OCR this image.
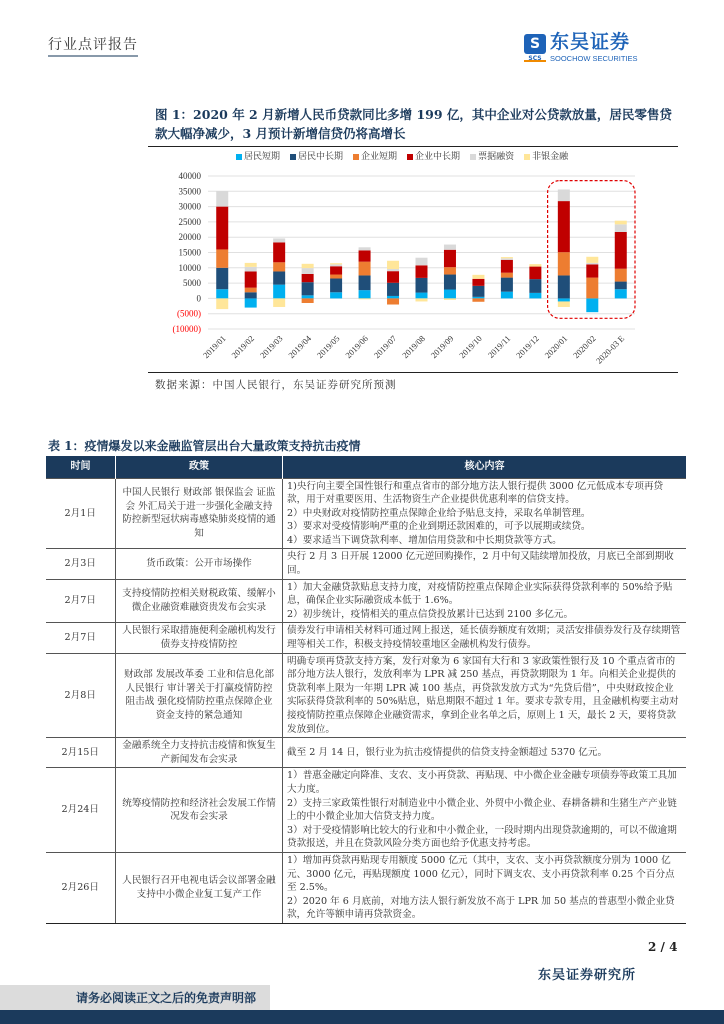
行业点评报告	S
SCS
东吴证券
SOOCHOW SECURITIES
图 1：2020 年 2 月新增人民币贷款同比多增 199 亿，其中企业对公贷款放量，居民零售贷款大幅净减少，3 月预计新增信贷仍将高增长
居民短期	居民中长期	企业短期	企业中长期	票据融资	非银金融
40000
35000
30000
25000
20000
15000
10000
5000
0
(5000)
(10000)
2019/01 2019/02 2019/03 2019/04 2019/05 2019/06 2019/07 2019/08 2019/09 2019/10 2019/11 2019/12 2020/01 2020/02
2020-03 E
数据来源：中国人民银行，东吴证券研究所预测
表 1：疫情爆发以来金融监管层出台大量政策支持抗击疫情
时间	政策	核心内容
2月1日	中国人民银行 财政部 银保监会 证监会 外汇局关于进一步强化金融支持防控新型冠状病毒感染肺炎疫情的通知	1)央行向主要全国性银行和重点省市的部分地方法人银行提供 3000 亿元低成本专项再贷款，用于对重要医用、生活物资生产企业提供优惠利率的信贷支持。
2）中央财政对疫情防控重点保障企业给予贴息支持，采取名单制管理。
3）要求对受疫情影响严重的企业到期还款困难的，可予以展期或续贷。
4）要求适当下调贷款利率、增加信用贷款和中长期贷款等方式。

2月3日	货币政策：公开市场操作	央行 2 月 3 日开展 12000 亿元逆回购操作，2 月中旬又陆续增加投放，月底已全部到期收回。

2月7日	支持疫情防控相关财税政策、缓解小微企业融资难融资贵发布会实录	1）加大金融贷款贴息支持力度，对疫情防控重点保障企业实际获得贷款利率的 50%给予贴息，确保企业实际融资成本低于 1.6%。
2）初步统计，疫情相关的重点信贷投放累计已达到 2100 多亿元。

2月7日	人民银行采取措施便利金融机构发行债券支持疫情防控	债券发行申请相关材料可通过网上报送，延长债券额度有效期；灵活安排债券发行及存续期管理等相关工作，积极支持疫情较重地区金融机构发行债券。

2月8日	财政部 发展改革委 工业和信息化部 人民银行 审计署关于打赢疫情防控阻击战 强化疫情防控重点保障企业资金支持的紧急通知	明确专项再贷款支持方案，发行对象为 6 家国有大行和 3 家政策性银行及 10 个重点省市的部分地方法人银行，发放利率为 LPR 减 250 基点，再贷款期限为 1 年。向相关企业提供的贷款利率上限为一年期 LPR 减 100 基点，再贷款发放方式为“先贷后借”，中央财政按企业实际获得贷款利率的 50%贴息，贴息期限不超过 1 年。要求专款专用，且金融机构要主动对接疫情防控重点保障企业融资需求，拿到企业名单之后，原则上 1 天，最长 2 天，要将贷款发放到位。

2月15日	金融系统全力支持抗击疫情和恢复生产新闻发布会实录	截至 2 月 14 日，银行业为抗击疫情提供的信贷支持金额超过 5370 亿元。

2月24日	统筹疫情防控和经济社会发展工作情况发布会实录	1）普惠金融定向降准、支农、支小再贷款、再贴现、中小微企业金融专项债券等政策工具加大力度。
2）支持三家政策性银行对制造业中小微企业、外贸中小微企业、春耕备耕和生猪生产产业链上的中小微企业加大信贷支持力度。
3）对于受疫情影响比较大的行业和中小微企业，一段时期内出现贷款逾期的，可以不做逾期贷款报送，并且在贷款风险分类方面也给予优惠支持考虑。

2月26日	人民银行召开电视电话会议部署金融支持中小微企业复工复产工作	1）增加再贷款再贴现专用额度 5000 亿元（其中，支农、支小再贷款额度分别为 1000 亿元、3000 亿元，再贴现额度 1000 亿元），同时下调支农、支小再贷款利率 0.25 个百分点至 2.5%。
2）2020 年 6 月底前，对地方法人银行新发放不高于 LPR 加 50 基点的普惠型小微企业贷款，允许等额申请再贷款资金。
2 / 4
东吴证券研究所
请务必阅读正文之后的免责声明部
